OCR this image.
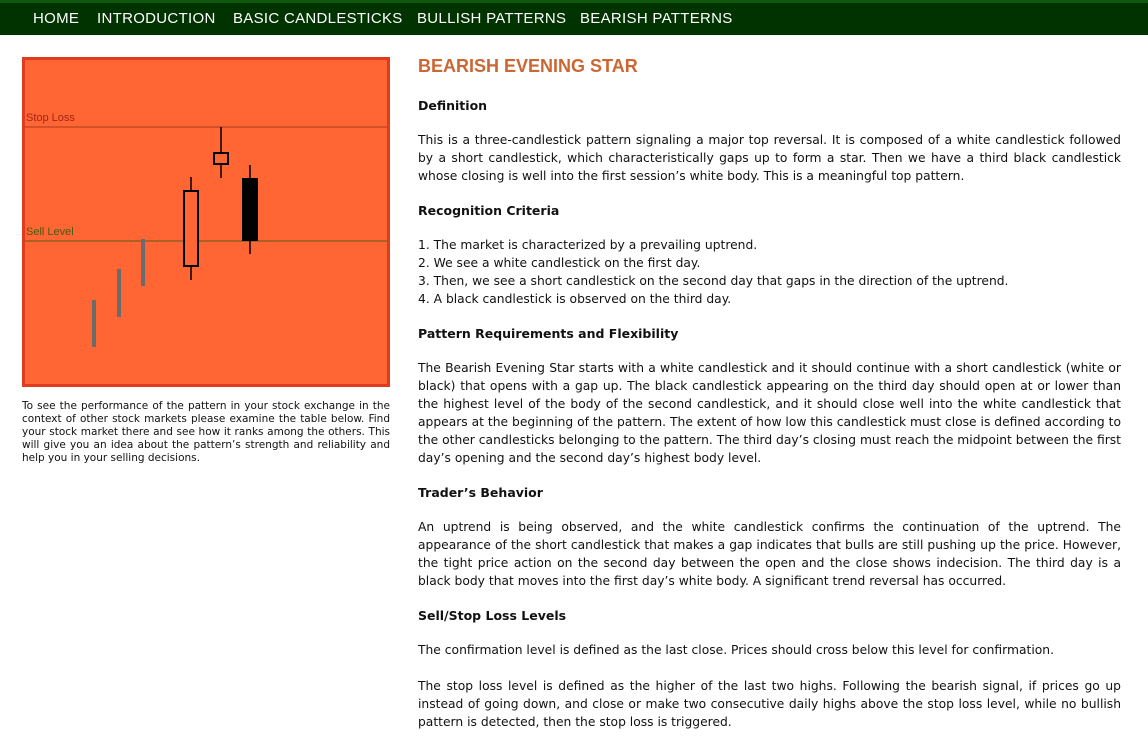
HOME INTRODUCTION BASIC CANDLESTICKS BULLISH PATTERNS BEARISH PATTERNS
Stop Loss
Sell Level
To see the performance of the pattern in your stock exchange in the context of other stock markets please examine the table below. Find your stock market there and see how it ranks among the others. This will give you an idea about the pattern’s strength and reliability and help you in your selling decisions.
BEARISH EVENING STAR
Definition

This is a three-candlestick pattern signaling a major top reversal. It is composed of a white candlestick followed by a short candlestick, which characteristically gaps up to form a star. Then we have a third black candlestick whose closing is well into the first session’s white body. This is a meaningful top pattern.

Recognition Criteria
1. The market is characterized by a prevailing uptrend.
2. We see a white candlestick on the first day.
3. Then, we see a short candlestick on the second day that gaps in the direction of the uptrend.
4. A black candlestick is observed on the third day.
Pattern Requirements and Flexibility

The Bearish Evening Star starts with a white candlestick and it should continue with a short candlestick (white or black) that opens with a gap up. The black candlestick appearing on the third day should open at or lower than the highest level of the body of the second candlestick, and it should close well into the white candlestick that appears at the beginning of the pattern. The extent of how low this candlestick must close is defined according to the other candlesticks belonging to the pattern. The third day’s closing must reach the midpoint between the first day’s opening and the second day’s highest body level.

Trader’s Behavior

An uptrend is being observed, and the white candlestick confirms the continuation of the uptrend. The appearance of the short candlestick that makes a gap indicates that bulls are still pushing up the price. However, the tight price action on the second day between the open and the close shows indecision. The third day is a black body that moves into the first day’s white body. A significant trend reversal has occurred.

Sell/Stop Loss Levels

The confirmation level is defined as the last close. Prices should cross below this level for confirmation.

The stop loss level is defined as the higher of the last two highs. Following the bearish signal, if prices go up instead of going down, and close or make two consecutive daily highs above the stop loss level, while no bullish pattern is detected, then the stop loss is triggered.
